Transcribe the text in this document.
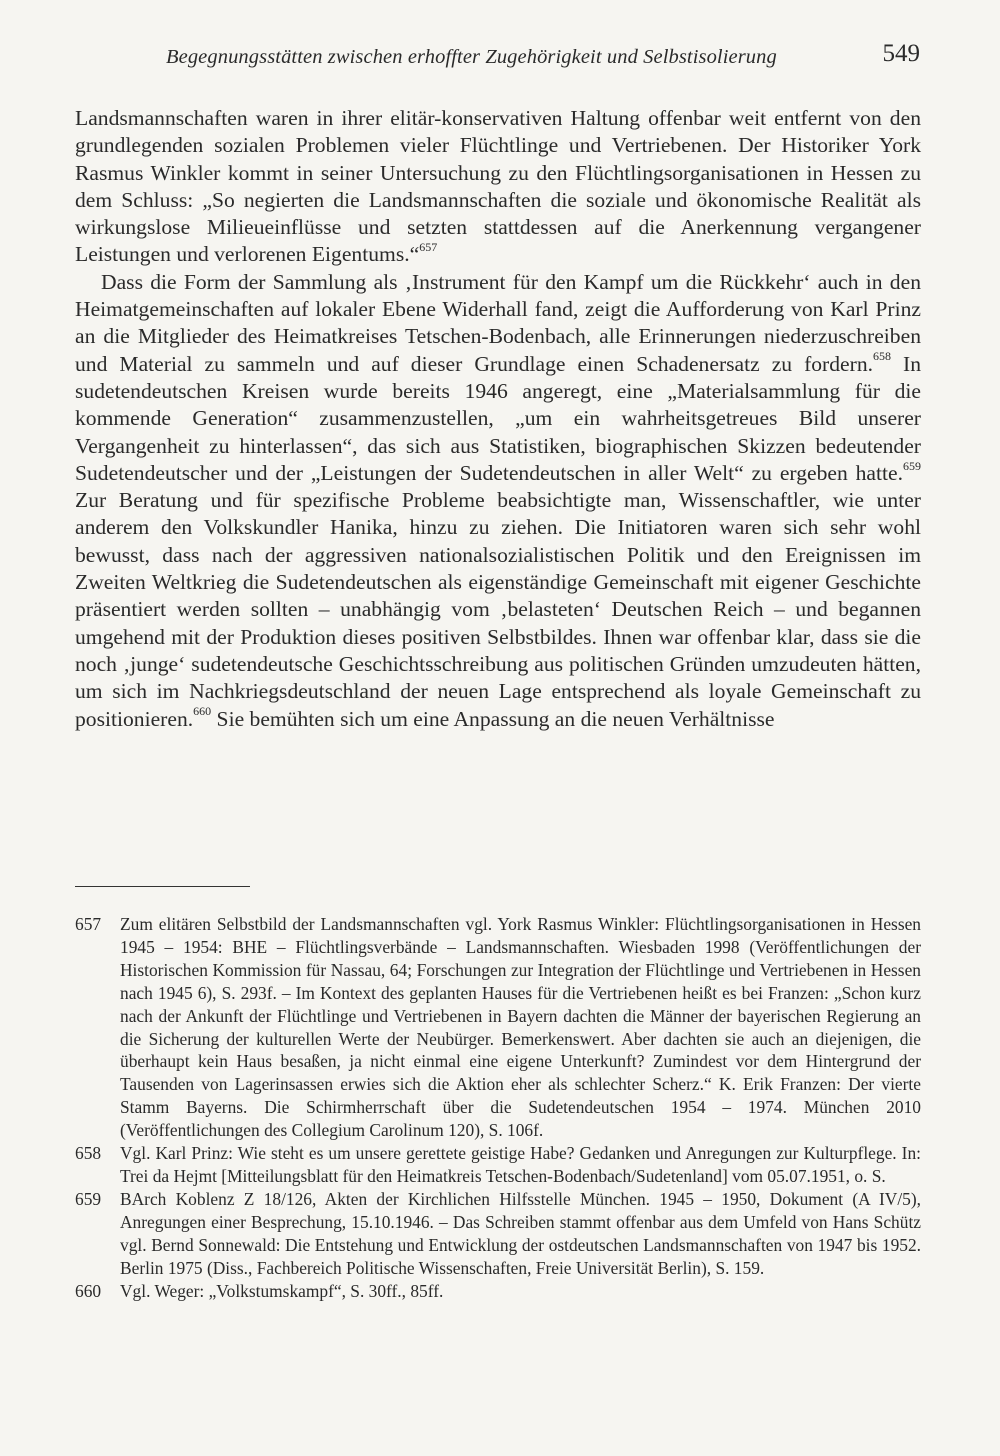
Begegnungsstätten zwischen erhoffter Zugehörigkeit und Selbstisolierung	549

Landsmannschaften waren in ihrer elitär-konservativen Haltung offenbar weit entfernt von den grundlegenden sozialen Problemen vieler Flüchtlinge und Vertriebenen. Der Historiker York Rasmus Winkler kommt in seiner Untersuchung zu den Flüchtlingsorganisationen in Hessen zu dem Schluss: „So negierten die Landsmannschaften die soziale und ökonomische Realität als wirkungslose Milieueinflüsse und setzten stattdessen auf die Anerkennung vergangener Leistungen und verlorenen Eigentums.“$^{657}$

Dass die Form der Sammlung als ‚Instrument für den Kampf um die Rückkehr‘ auch in den Heimatgemeinschaften auf lokaler Ebene Widerhall fand, zeigt die Aufforderung von Karl Prinz an die Mitglieder des Heimatkreises Tetschen-Bodenbach, alle Erinnerungen niederzuschreiben und Material zu sammeln und auf dieser Grundlage einen Schadenersatz zu fordern.$^{658}$ In sudetendeutschen Kreisen wurde bereits 1946 angeregt, eine „Materialsammlung für die kommende Generation“ zusammenzustellen, „um ein wahrheitsgetreues Bild unserer Vergangenheit zu hinterlassen“, das sich aus Statistiken, biographischen Skizzen bedeutender Sudetendeutscher und der „Leistungen der Sudetendeutschen in aller Welt“ zu ergeben hatte.$^{659}$ Zur Beratung und für spezifische Probleme beabsichtigte man, Wissenschaftler, wie unter anderem den Volkskundler Hanika, hinzu zu ziehen. Die Initiatoren waren sich sehr wohl bewusst, dass nach der aggressiven nationalsozialistischen Politik und den Ereignissen im Zweiten Weltkrieg die Sudetendeutschen als eigenständige Gemeinschaft mit eigener Geschichte präsentiert werden sollten – unabhängig vom ‚belasteten‘ Deutschen Reich – und begannen umgehend mit der Produktion dieses positiven Selbstbildes. Ihnen war offenbar klar, dass sie die noch ‚junge‘ sudetendeutsche Geschichtsschreibung aus politischen Gründen umzudeuten hätten, um sich im Nachkriegsdeutschland der neuen Lage entsprechend als loyale Gemeinschaft zu positionieren.$^{660}$ Sie bemühten sich um eine Anpassung an die neuen Verhältnisse

657 Zum elitären Selbstbild der Landsmannschaften vgl. York Rasmus Winkler: Flüchtlingsorganisationen in Hessen 1945 – 1954: BHE – Flüchtlingsverbände – Landsmannschaften. Wiesbaden 1998 (Veröffentlichungen der Historischen Kommission für Nassau, 64; Forschungen zur Integration der Flüchtlinge und Vertriebenen in Hessen nach 1945 6), S. 293f. – Im Kontext des geplanten Hauses für die Vertriebenen heißt es bei Franzen: „Schon kurz nach der Ankunft der Flüchtlinge und Vertriebenen in Bayern dachten die Männer der bayerischen Regierung an die Sicherung der kulturellen Werte der Neubürger. Bemerkenswert. Aber dachten sie auch an diejenigen, die überhaupt kein Haus besaßen, ja nicht einmal eine eigene Unterkunft? Zumindest vor dem Hintergrund der Tausenden von Lagerinsassen erwies sich die Aktion eher als schlechter Scherz.“ K. Erik Franzen: Der vierte Stamm Bayerns. Die Schirmherrschaft über die Sudetendeutschen 1954 – 1974. München 2010 (Veröffentlichungen des Collegium Carolinum 120), S. 106f.
658 Vgl. Karl Prinz: Wie steht es um unsere gerettete geistige Habe? Gedanken und Anregungen zur Kulturpflege. In: Trei da Hejmt [Mitteilungsblatt für den Heimatkreis Tetschen-Bodenbach/Sudetenland] vom 05.07.1951, o. S.
659 BArch Koblenz Z 18/126, Akten der Kirchlichen Hilfsstelle München. 1945 – 1950, Dokument (A IV/5), Anregungen einer Besprechung, 15.10.1946. – Das Schreiben stammt offenbar aus dem Umfeld von Hans Schütz vgl. Bernd Sonnewald: Die Entstehung und Entwicklung der ostdeutschen Landsmannschaften von 1947 bis 1952. Berlin 1975 (Diss., Fachbereich Politische Wissenschaften, Freie Universität Berlin), S. 159.
660 Vgl. Weger: „Volkstumskampf“, S. 30ff., 85ff.
